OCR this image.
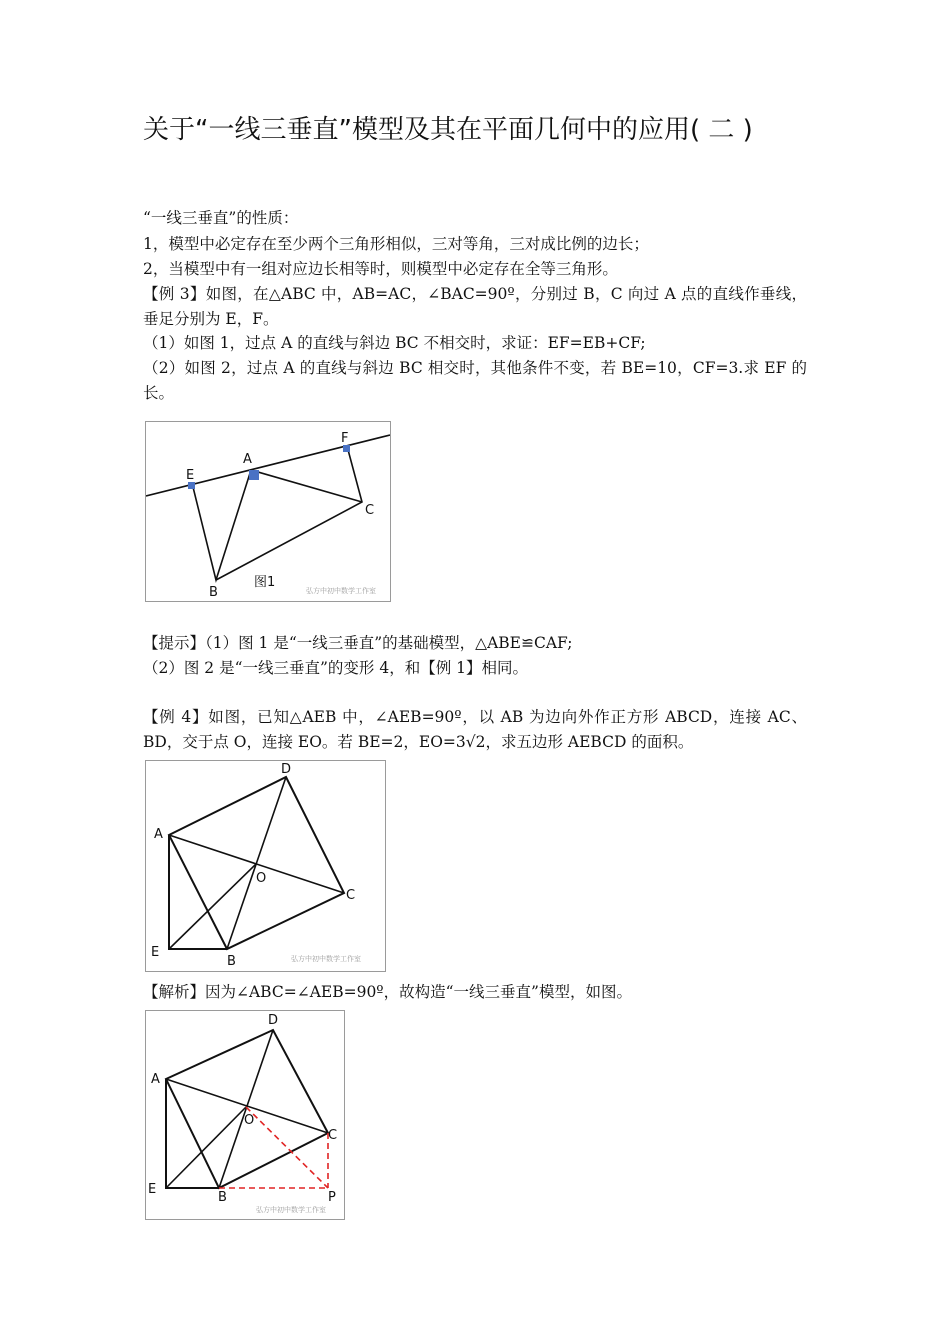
关于“一线三垂直”模型及其在平面几何中的应用( 二 )
“一线三垂直”的性质：
1，模型中必定存在至少两个三角形相似，三对等角，三对成比例的边长；
2，当模型中有一组对应边长相等时，则模型中必定存在全等三角形。
【例 3】如图，在△ABC 中，AB=AC，∠BAC=90º，分别过 B，C 向过 A 点的直线作垂线，垂足分别为 E，F。
（1）如图 1，过点 A 的直线与斜边 BC 不相交时，求证：EF=EB+CF;
（2）如图 2，过点 A 的直线与斜边 BC 相交时，其他条件不变，若 BE=10，CF=3.求 EF 的长。
E
A
F
C
B
图1
弘方中初中数学工作室
【提示】（1）图 1 是“一线三垂直”的基础模型，△ABE≌CAF;
（2）图 2 是“一线三垂直”的变形 4，和【例 1】相同。
【例 4】如图，已知△AEB 中，∠AEB=90º，以 AB 为边向外作正方形 ABCD，连接 AC、BD，交于点 O，连接 EO。若 BE=2，EO=3√2，求五边形 AEBCD 的面积。
A
D
O
C
E
B	弘方中初中数学工作室
【解析】因为∠ABC=∠AEB=90º，故构造“一线三垂直”模型，如图。
A
D
O
C
E
B	P
弘方中初中数学工作室
